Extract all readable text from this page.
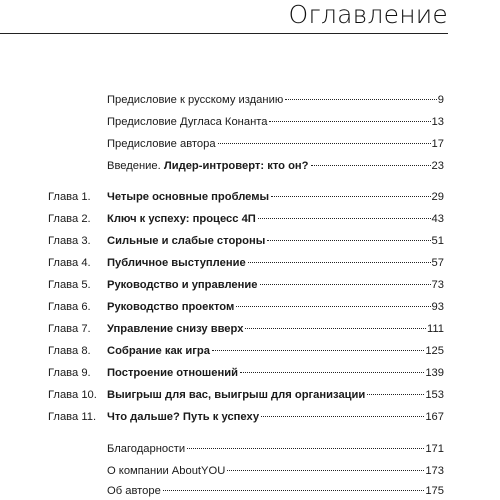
Оглавление
Предисловие к русскому изданию	9
Предисловие Дугласа Конанта	13
Предисловие автора	17
Введение. Лидер-интроверт: кто он?	23
Глава 1. Четыре основные проблемы	29
Глава 2. Ключ к успеху: процесс 4П	43
Глава 3. Сильные и слабые стороны	51
Глава 4. Публичное выступление	57
Глава 5. Руководство и управление	73
Глава 6. Руководство проектом	93
Глава 7. Управление снизу вверх	111
Глава 8. Собрание как игра	125
Глава 9. Построение отношений	139
Глава 10. Выигрыш для вас, выигрыш для организации	153
Глава 11. Что дальше? Путь к успеху	167
Благодарности	171
О компании AboutYOU	173
Об авторе	175
